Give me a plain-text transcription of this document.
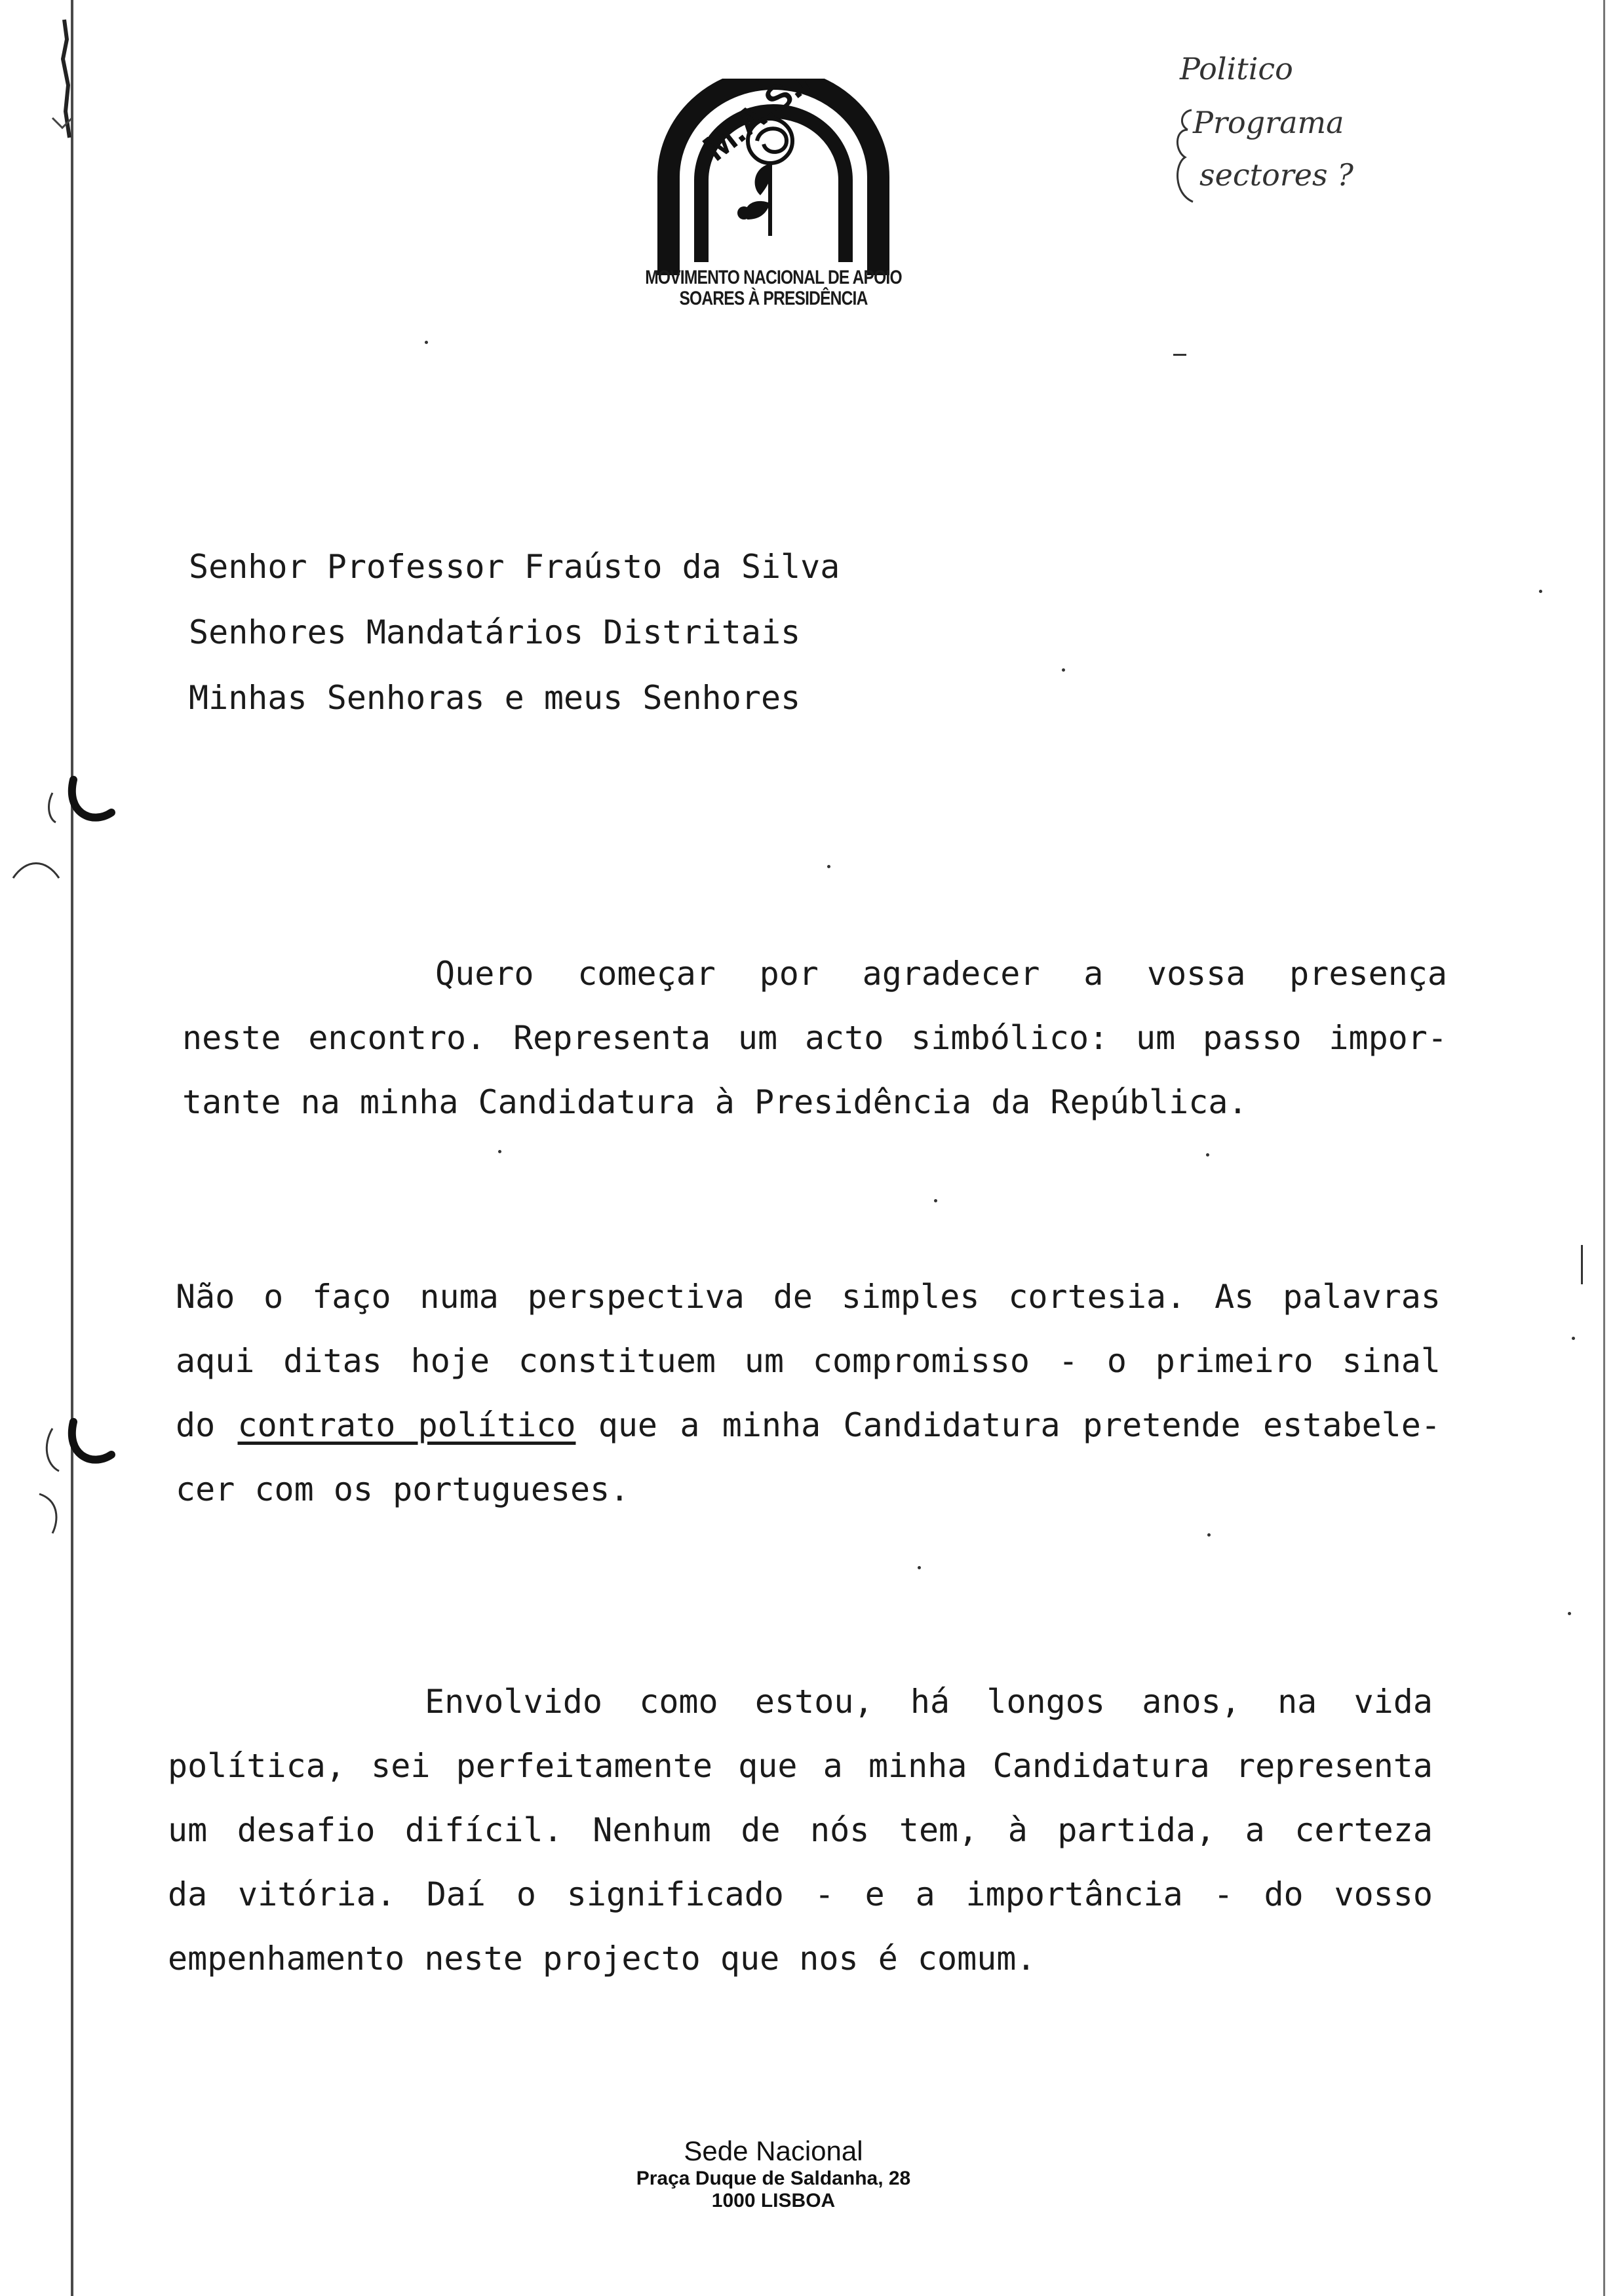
M.A.S.P.
MOVIMENTO NACIONAL DE APOIO
SOARES À PRESIDÊNCIA
Politico
Programa
sectores ?
Senhor Professor Fraústo da Silva
Senhores Mandatários Distritais
Minhas Senhoras e meus Senhores
Quero começar por agradecer a vossa presença
neste encontro. Representa um acto simbólico: um passo impor-
tante na minha Candidatura à Presidência da República.
Não o faço numa perspectiva de simples cortesia. As palavras
aqui ditas hoje constituem um compromisso - o primeiro sinal
do contrato político que a minha Candidatura pretende estabele-
cer com os portugueses.
Envolvido como estou, há longos anos, na vida
política, sei perfeitamente que a minha Candidatura representa
um desafio difícil. Nenhum de nós tem, à partida, a certeza
da vitória. Daí o significado - e a importância - do vosso
empenhamento neste projecto que nos é comum.
Sede Nacional
Praça Duque de Saldanha, 28
1000 LISBOA
